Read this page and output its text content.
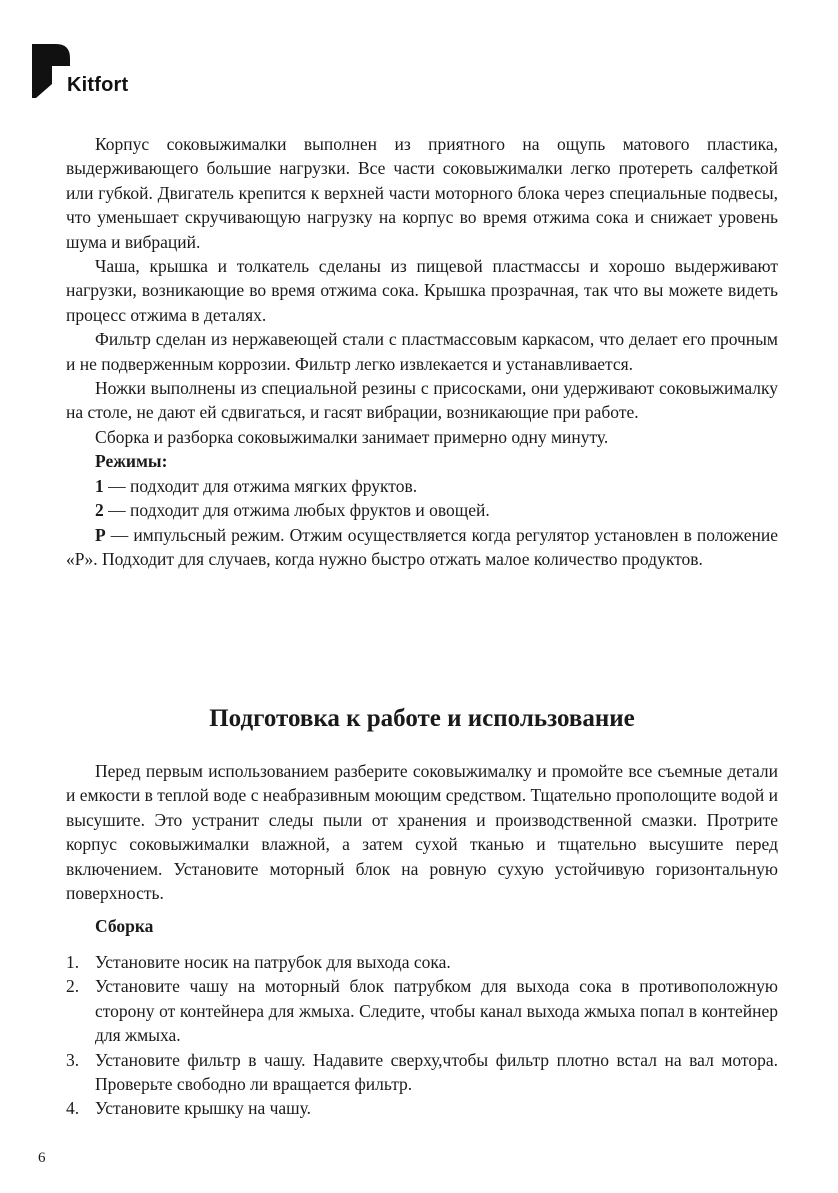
Kitfort

Корпус соковыжималки выполнен из приятного на ощупь матового пластика, выдерживающего большие нагрузки. Все части соковыжималки легко протереть салфеткой или губкой. Двигатель крепится к верхней части моторного блока через специальные подвесы, что уменьшает скручивающую нагрузку на корпус во время отжима сока и снижает уровень шума и вибраций.

Чаша, крышка и толкатель сделаны из пищевой пластмассы и хорошо выдерживают нагрузки, возникающие во время отжима сока. Крышка прозрачная, так что вы можете видеть процесс отжима в деталях.

Фильтр сделан из нержавеющей стали с пластмассовым каркасом, что делает его прочным и не подверженным коррозии. Фильтр легко извлекается и устанавливается.

Ножки выполнены из специальной резины с присосками, они удерживают соковыжималку на столе, не дают ей сдвигаться, и гасят вибрации, возникающие при работе.

Сборка и разборка соковыжималки занимает примерно одну минуту.

Режимы:

1 — подходит для отжима мягких фруктов.

2 — подходит для отжима любых фруктов и овощей.

P — импульсный режим. Отжим осуществляется когда регулятор установлен в положение «P». Подходит для случаев, когда нужно быстро отжать малое количество продуктов.

Подготовка к работе и использование

Перед первым использованием разберите соковыжималку и промойте все съемные детали и емкости в теплой воде с неабразивным моющим средством. Тщательно прополощите водой и высушите. Это устранит следы пыли от хранения и производственной смазки. Протрите корпус соковыжималки влажной, а затем сухой тканью и тщательно высушите перед включением. Установите моторный блок на ровную сухую устойчивую горизонтальную поверхность.

Сборка
1. Установите носик на патрубок для выхода сока.
2. Установите чашу на моторный блок патрубком для выхода сока в противоположную сторону от контейнера для жмыха. Следите, чтобы канал выхода жмыха попал в контейнер для жмыха.
3. Установите фильтр в чашу. Надавите сверху,чтобы фильтр плотно встал на вал мотора. Проверьте свободно ли вращается фильтр.
4. Установите крышку на чашу.
6
